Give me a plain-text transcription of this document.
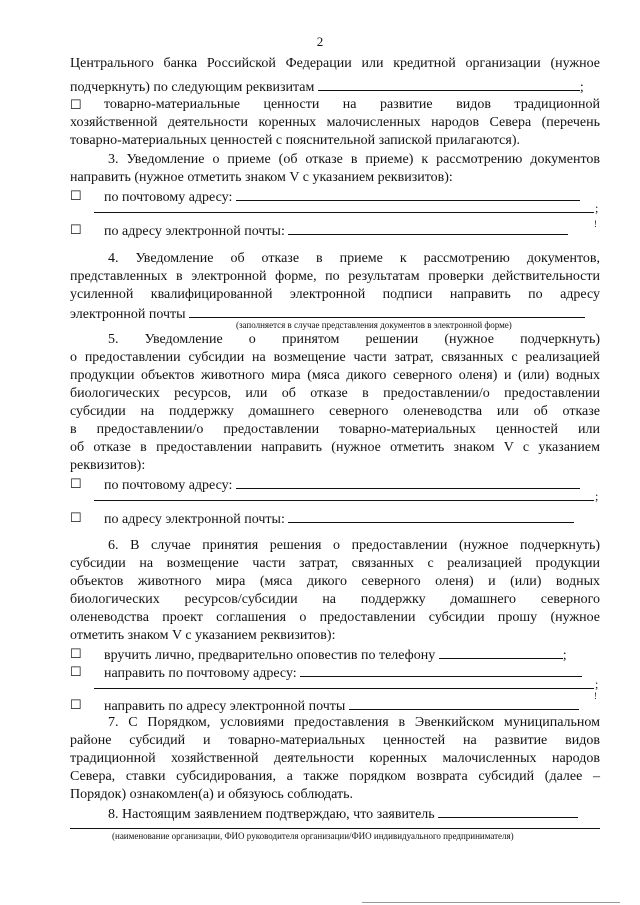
2
Центрального банка Российской Федерации или кредитной организации (нужное
подчеркнуть) по следующим реквизитам	;
☐ товарно-материальные ценности на развитие видов традиционной
хозяйственной деятельности коренных малочисленных народов Севера (перечень
товарно-материальных ценностей с пояснительной запиской прилагаются).
3. Уведомление о приеме (об отказе в приеме) к рассмотрению документов
направить (нужное отметить знаком V с указанием реквизитов):
☐ по почтовому адресу:
;
☐ по адресу электронной почты:	!
4. Уведомление об отказе в приеме к рассмотрению документов,
представленных в электронной форме, по результатам проверки действительности
усиленной квалифицированной электронной подписи направить по адресу
электронной почты
(заполняется в случае представления документов в электронной форме)
5. Уведомление о принятом решении (нужное подчеркнуть)
о предоставлении субсидии на возмещение части затрат, связанных с реализацией
продукции объектов животного мира (мяса дикого северного оленя) и (или) водных
биологических ресурсов, или об отказе в предоставлении/о предоставлении
субсидии на поддержку домашнего северного оленеводства или об отказе
в предоставлении/о предоставлении товарно-материальных ценностей или
об отказе в предоставлении направить (нужное отметить знаком V с указанием
реквизитов):
☐ по почтовому адресу:
;
☐ по адресу электронной почты:
6. В случае принятия решения о предоставлении (нужное подчеркнуть)
субсидии на возмещение части затрат, связанных с реализацией продукции
объектов животного мира (мяса дикого северного оленя) и (или) водных
биологических ресурсов/субсидии на поддержку домашнего северного
оленеводства проект соглашения о предоставлении субсидии прошу (нужное
отметить знаком V с указанием реквизитов):
☐ вручить лично, предварительно оповестив по телефону	;
☐ направить по почтовому адресу:
;
☐ направить по адресу электронной почты
!
7. С Порядком, условиями предоставления в Эвенкийском муниципальном
районе субсидий и товарно-материальных ценностей на развитие видов
традиционной хозяйственной деятельности коренных малочисленных народов
Севера, ставки субсидирования, а также порядком возврата субсидий (далее –
Порядок) ознакомлен(а) и обязуюсь соблюдать.
8. Настоящим заявлением подтверждаю, что заявитель
(наименование организации, ФИО руководителя организации/ФИО индивидуального предпринимателя)
